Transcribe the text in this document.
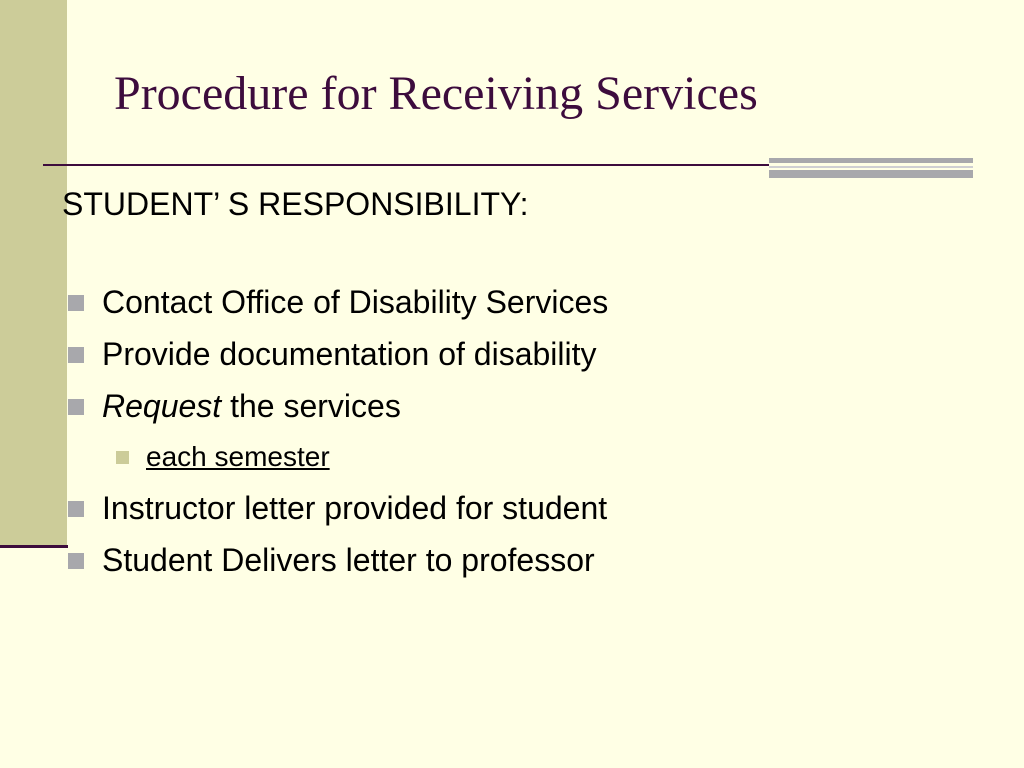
Procedure for Receiving Services

STUDENT’ S RESPONSIBILITY:

Contact Office of Disability Services
Provide documentation of disability
Request the services
each semester
Instructor letter provided for student
Student Delivers letter to professor
